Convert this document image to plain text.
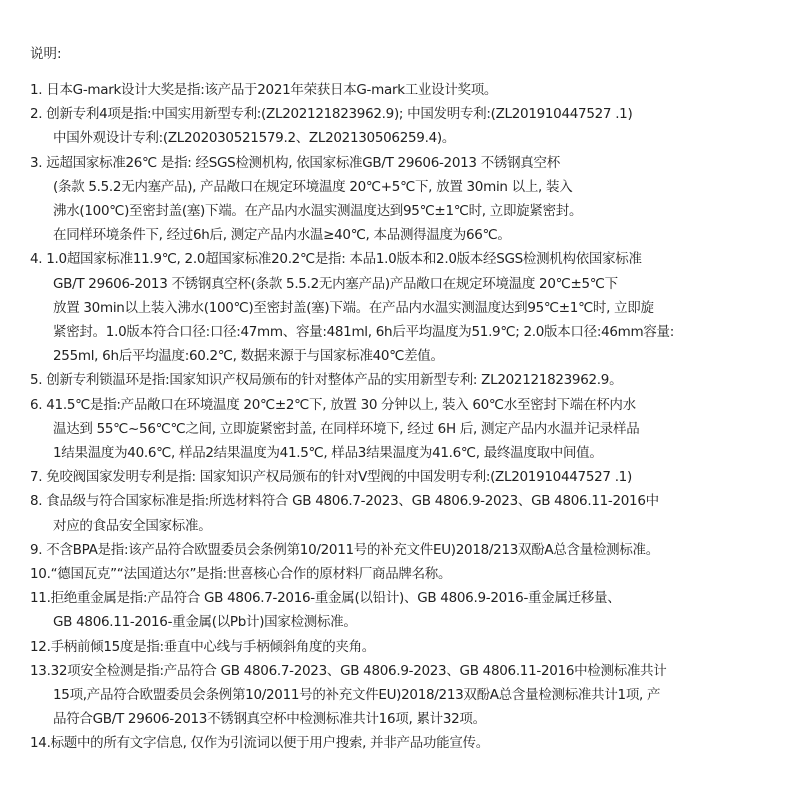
说明:
1. 日本G-mark设计大奖是指:该产品于2021年荣获日本G-mark工业设计奖项。
2. 创新专利4项是指:中国实用新型专利:(ZL202121823962.9); 中国发明专利:(ZL201910447527 .1)
中国外观设计专利:(ZL202030521579.2、ZL202130506259.4)。
3. 远超国家标准26℃ 是指: 经SGS检测机构, 依国家标准GB/T 29606-2013 不锈钢真空杯
(条款 5.5.2无内塞产品), 产品敞口在规定环境温度 20℃+5℃下, 放置 30min 以上, 装入
沸水(100℃)至密封盖(塞)下端。在产品内水温实测温度达到95℃±1℃时, 立即旋紧密封。
在同样环境条件下, 经过6h后, 测定产品内水温≥40℃, 本品测得温度为66℃。
4. 1.0超国家标准11.9℃, 2.0超国家标准20.2℃是指: 本品1.0版本和2.0版本经SGS检测机构依国家标准
GB/T 29606-2013 不锈钢真空杯(条款 5.5.2无内塞产品)产品敞口在规定环境温度 20℃±5℃下
放置 30min以上装入沸水(100℃)至密封盖(塞)下端。在产品内水温实测温度达到95℃±1℃时, 立即旋
紧密封。1.0版本符合口径:口径:47mm、容量:481ml, 6h后平均温度为51.9℃; 2.0版本口径:46mm容量:
255ml, 6h后平均温度:60.2℃, 数据来源于与国家标准40℃差值。
5. 创新专利锁温环是指:国家知识产权局颁布的针对整体产品的实用新型专利: ZL202121823962.9。
6. 41.5℃是指:产品敞口在环境温度 20℃±2℃下, 放置 30 分钟以上, 装入 60℃水至密封下端在杯内水
温达到 55℃~56℃℃之间, 立即旋紧密封盖, 在同样环境下, 经过 6H 后, 测定产品内水温并记录样品
1结果温度为40.6℃, 样品2结果温度为41.5℃, 样品3结果温度为41.6℃, 最终温度取中间值。
7. 免咬阀国家发明专利是指: 国家知识产权局颁布的针对V型阀的中国发明专利:(ZL201910447527 .1)
8. 食品级与符合国家标准是指:所选材料符合 GB 4806.7-2023、GB 4806.9-2023、GB 4806.11-2016中
对应的食品安全国家标准。
9. 不含BPA是指:该产品符合欧盟委员会条例第10/2011号的补充文件EU)2018/213双酚A总含量检测标准。
10.“德国瓦克”“法国道达尔”是指:世喜核心合作的原材料厂商品牌名称。
11.拒绝重金属是指:产品符合 GB 4806.7-2016-重金属(以铅计)、GB 4806.9-2016-重金属迁移量、
GB 4806.11-2016-重金属(以Pb计)国家检测标准。
12.手柄前倾15度是指:垂直中心线与手柄倾斜角度的夹角。
13.32项安全检测是指:产品符合 GB 4806.7-2023、GB 4806.9-2023、GB 4806.11-2016中检测标准共计
15项,产品符合欧盟委员会条例第10/2011号的补充文件EU)2018/213双酚A总含量检测标准共计1项, 产
品符合GB/T 29606-2013不锈钢真空杯中检测标准共计16项, 累计32项。
14.标题中的所有文字信息, 仅作为引流词以便于用户搜索, 并非产品功能宣传。
